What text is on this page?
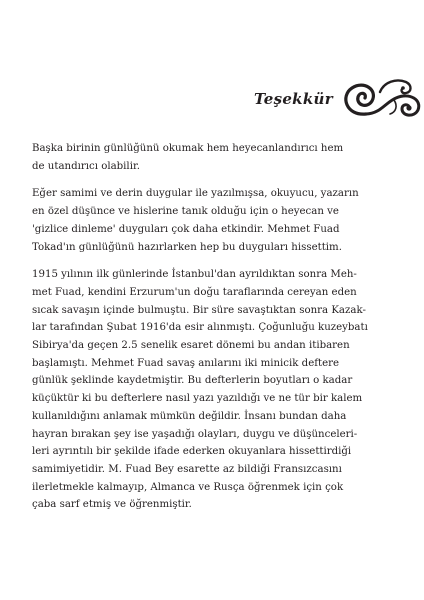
Teşekkür

Başka birinin günlüğünü okumak hem heyecanlandırıcı hem
de utandırıcı olabilir.

Eğer samimi ve derin duygular ile yazılmışsa, okuyucu, yazarın
en özel düşünce ve hislerine tanık olduğu için o heyecan ve
'gizlice dinleme' duyguları çok daha etkindir. Mehmet Fuad
Tokad'ın günlüğünü hazırlarken hep bu duyguları hissettim.

1915 yılının ilk günlerinde İstanbul'dan ayrıldıktan sonra Meh-
met Fuad, kendini Erzurum'un doğu taraflarında cereyan eden
sıcak savaşın içinde bulmuştu. Bir süre savaştıktan sonra Kazak-
lar tarafından Şubat 1916'da esir alınmıştı. Çoğunluğu kuzeybatı
Sibirya'da geçen 2.5 senelik esaret dönemi bu andan itibaren
başlamıştı. Mehmet Fuad savaş anılarını iki minicik deftere
günlük şeklinde kaydetmiştir. Bu defterlerin boyutları o kadar
küçüktür ki bu defterlere nasıl yazı yazıldığı ve ne tür bir kalem
kullanıldığını anlamak mümkün değildir. İnsanı bundan daha
hayran bırakan şey ise yaşadığı olayları, duygu ve düşünceleri-
leri ayrıntılı bir şekilde ifade ederken okuyanlara hissettirdiği
samimiyetidir. M. Fuad Bey esarette az bildiği Fransızcasını
ilerletmekle kalmayıp, Almanca ve Rusça öğrenmek için çok
çaba sarf etmiş ve öğrenmiştir.
